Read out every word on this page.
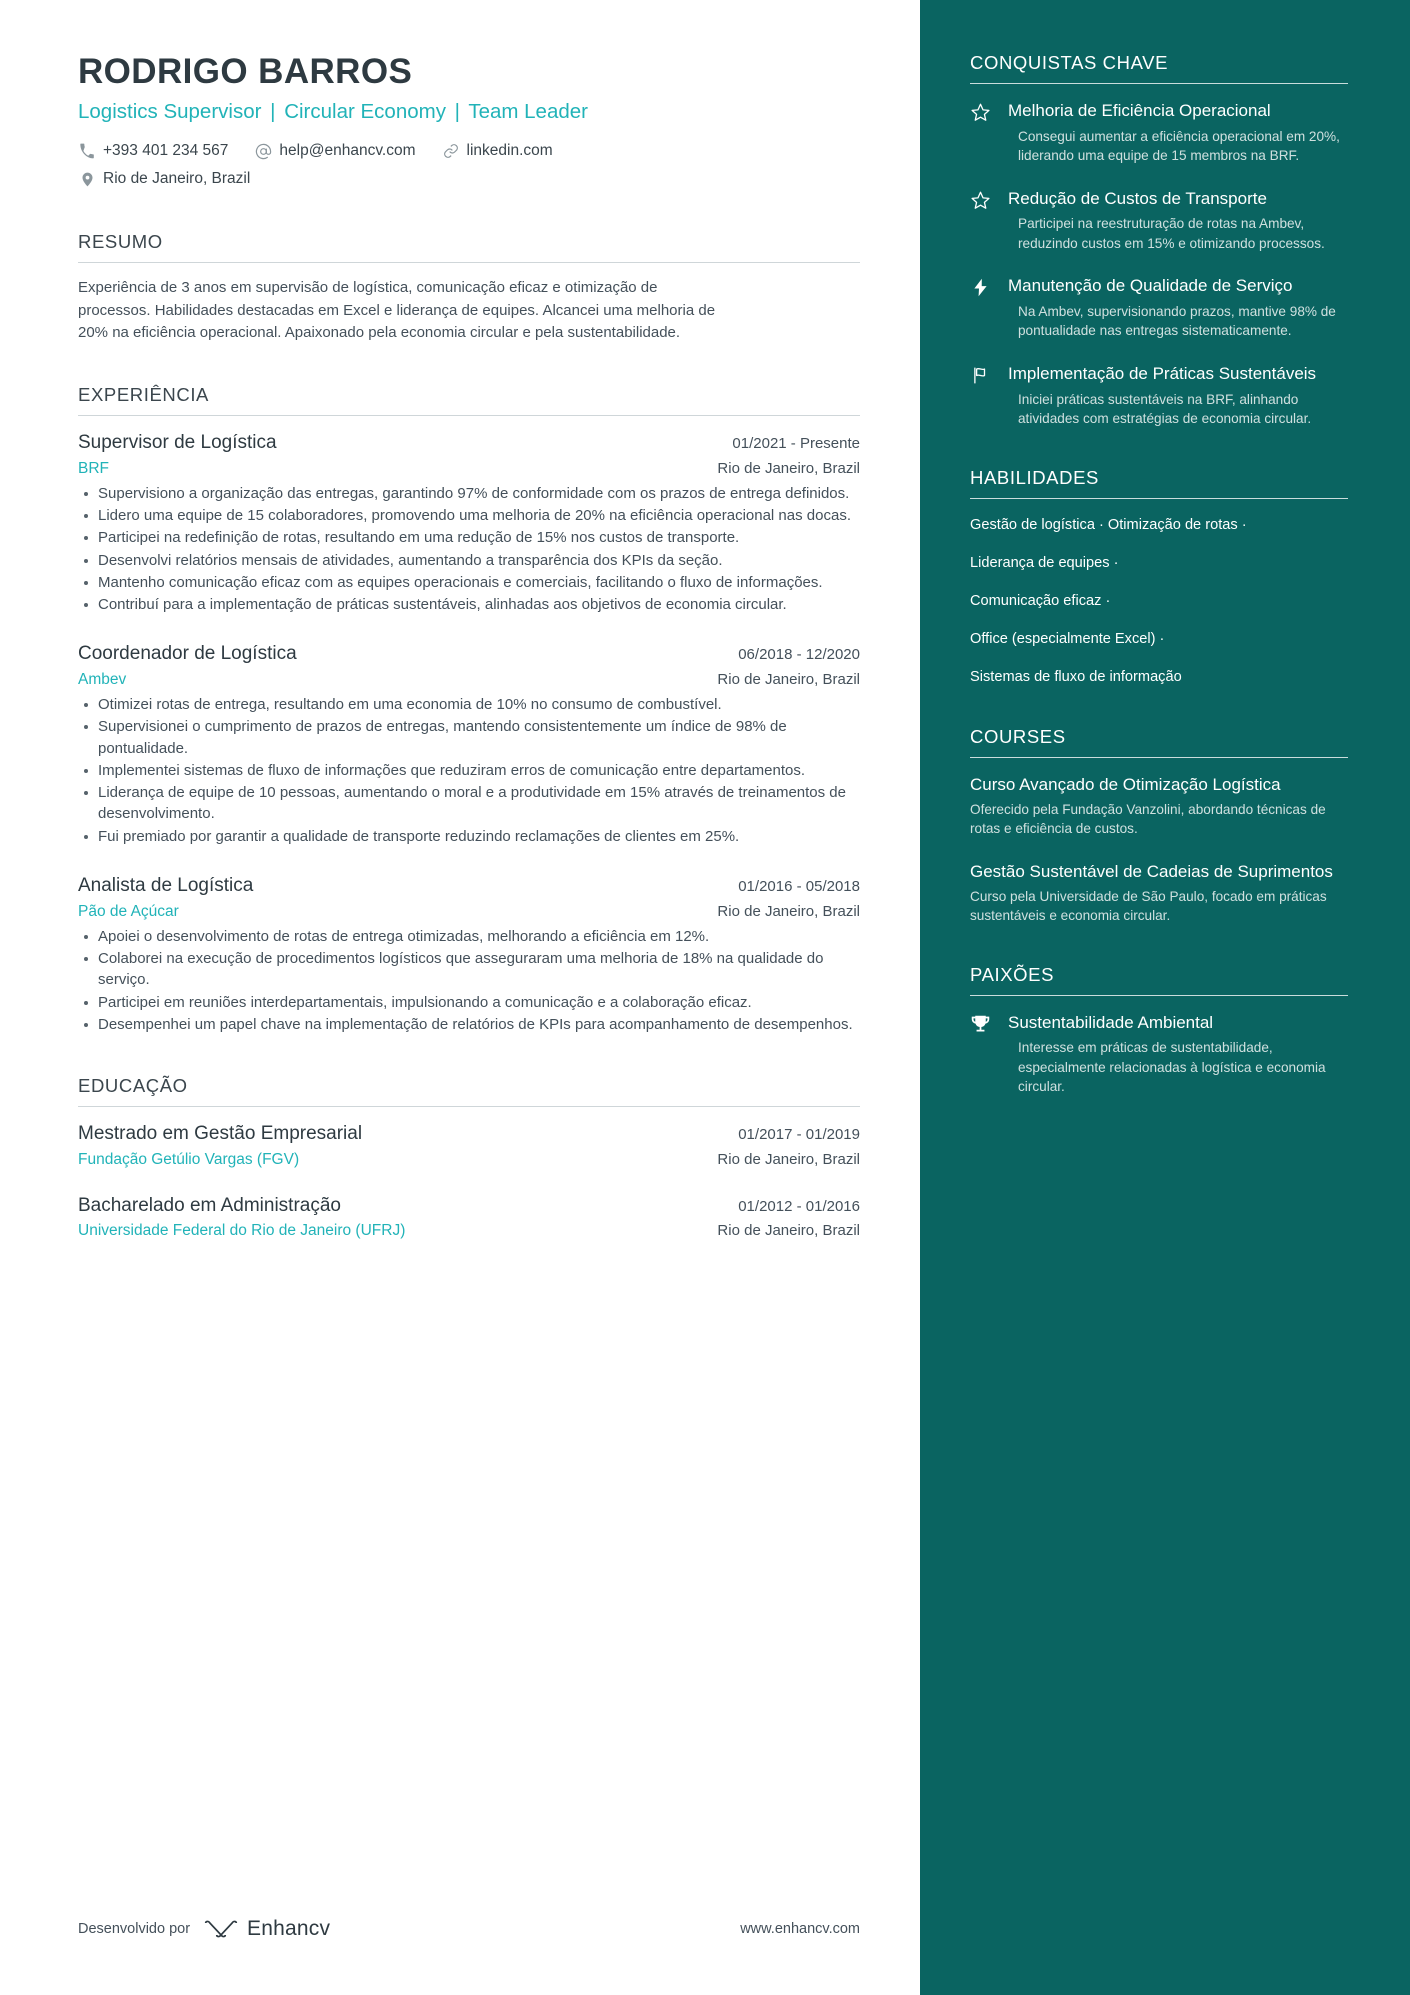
RODRIGO BARROS
Logistics Supervisor | Circular Economy | Team Leader
+393 401 234 567	help@enhancv.com	linkedin.com
Rio de Janeiro, Brazil
RESUMO
Experiência de 3 anos em supervisão de logística, comunicação eficaz e otimização de processos. Habilidades destacadas em Excel e liderança de equipes. Alcancei uma melhoria de 20% na eficiência operacional. Apaixonado pela economia circular e pela sustentabilidade.
EXPERIÊNCIA
Supervisor de Logística	01/2021 - Presente
BRF	Rio de Janeiro, Brazil
Supervisiono a organização das entregas, garantindo 97% de conformidade com os prazos de entrega definidos.
Lidero uma equipe de 15 colaboradores, promovendo uma melhoria de 20% na eficiência operacional nas docas.
Participei na redefinição de rotas, resultando em uma redução de 15% nos custos de transporte.
Desenvolvi relatórios mensais de atividades, aumentando a transparência dos KPIs da seção.
Mantenho comunicação eficaz com as equipes operacionais e comerciais, facilitando o fluxo de informações.
Contribuí para a implementação de práticas sustentáveis, alinhadas aos objetivos de economia circular.
Coordenador de Logística	06/2018 - 12/2020
Ambev	Rio de Janeiro, Brazil
Otimizei rotas de entrega, resultando em uma economia de 10% no consumo de combustível.
Supervisionei o cumprimento de prazos de entregas, mantendo consistentemente um índice de 98% de pontualidade.
Implementei sistemas de fluxo de informações que reduziram erros de comunicação entre departamentos.
Liderança de equipe de 10 pessoas, aumentando o moral e a produtividade em 15% através de treinamentos de desenvolvimento.
Fui premiado por garantir a qualidade de transporte reduzindo reclamações de clientes em 25%.
Analista de Logística	01/2016 - 05/2018
Pão de Açúcar	Rio de Janeiro, Brazil
Apoiei o desenvolvimento de rotas de entrega otimizadas, melhorando a eficiência em 12%.
Colaborei na execução de procedimentos logísticos que asseguraram uma melhoria de 18% na qualidade do serviço.
Participei em reuniões interdepartamentais, impulsionando a comunicação e a colaboração eficaz.
Desempenhei um papel chave na implementação de relatórios de KPIs para acompanhamento de desempenhos.
EDUCAÇÃO
Mestrado em Gestão Empresarial	01/2017 - 01/2019
Fundação Getúlio Vargas (FGV)	Rio de Janeiro, Brazil
Bacharelado em Administração	01/2012 - 01/2016
Universidade Federal do Rio de Janeiro (UFRJ)	Rio de Janeiro, Brazil
Desenvolvido por	Enhancv	www.enhancv.com
CONQUISTAS CHAVE
Melhoria de Eficiência Operacional
Consegui aumentar a eficiência operacional em 20%, liderando uma equipe de 15 membros na BRF.
Redução de Custos de Transporte
Participei na reestruturação de rotas na Ambev, reduzindo custos em 15% e otimizando processos.
Manutenção de Qualidade de Serviço
Na Ambev, supervisionando prazos, mantive 98% de pontualidade nas entregas sistematicamente.
Implementação de Práticas Sustentáveis
Iniciei práticas sustentáveis na BRF, alinhando atividades com estratégias de economia circular.
HABILIDADES
Gestão de logística · Otimização de rotas ·
Liderança de equipes ·
Comunicação eficaz ·
Office (especialmente Excel) ·
Sistemas de fluxo de informação
COURSES
Curso Avançado de Otimização Logística
Oferecido pela Fundação Vanzolini, abordando técnicas de rotas e eficiência de custos.
Gestão Sustentável de Cadeias de Suprimentos
Curso pela Universidade de São Paulo, focado em práticas sustentáveis e economia circular.
PAIXÕES
Sustentabilidade Ambiental
Interesse em práticas de sustentabilidade, especialmente relacionadas à logística e economia circular.
